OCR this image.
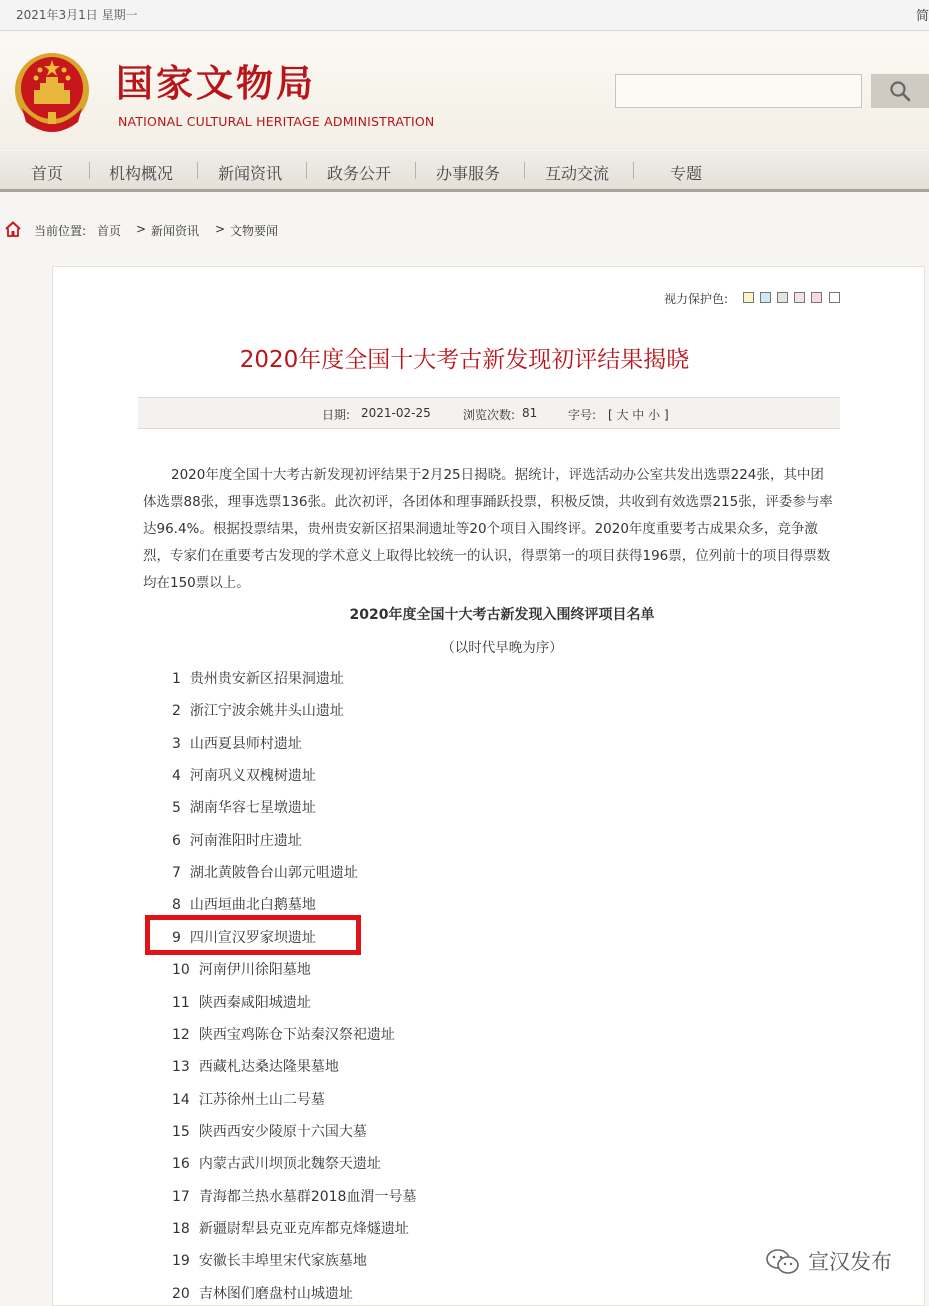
2021年3月1日 星期一	简
国家文物局
NATIONAL CULTURAL HERITAGE ADMINISTRATION
首页	机构概况	新闻资讯	政务公开	办事服务	互动交流	专题
当前位置: 首页 > 新闻资讯 > 文物要闻
视力保护色:
2020年度全国十大考古新发现初评结果揭晓
日期: 2021-02-25	浏览次数: 81	字号: [ 大 中 小 ]

2020年度全国十大考古新发现初评结果于2月25日揭晓。据统计，评选活动办公室共发出选票224张，其中团体选票88张，理事选票136张。此次初评，各团体和理事踊跃投票，积极反馈，共收到有效选票215张，评委参与率达96.4%。根据投票结果，贵州贵安新区招果洞遗址等20个项目入围终评。2020年度重要考古成果众多，竞争激烈，专家们在重要考古发现的学术意义上取得比较统一的认识，得票第一的项目获得196票，位列前十的项目得票数均在150票以上。

2020年度全国十大考古新发现入围终评项目名单
（以时代早晚为序）
1 贵州贵安新区招果洞遗址
2 浙江宁波余姚井头山遗址
3 山西夏县师村遗址
4 河南巩义双槐树遗址
5 湖南华容七星墩遗址
6 河南淮阳时庄遗址
7 湖北黄陂鲁台山郭元咀遗址
8 山西垣曲北白鹅墓地
9 四川宣汉罗家坝遗址
10 河南伊川徐阳墓地
11 陕西秦咸阳城遗址
12 陕西宝鸡陈仓下站秦汉祭祀遗址
13 西藏札达桑达隆果墓地
14 江苏徐州土山二号墓
15 陕西西安少陵原十六国大墓
16 内蒙古武川坝顶北魏祭天遗址
17 青海都兰热水墓群2018血渭一号墓
18 新疆尉犁县克亚克库都克烽燧遗址
19 安徽长丰埠里宋代家族墓地
20 吉林图们磨盘村山城遗址
宣汉发布
